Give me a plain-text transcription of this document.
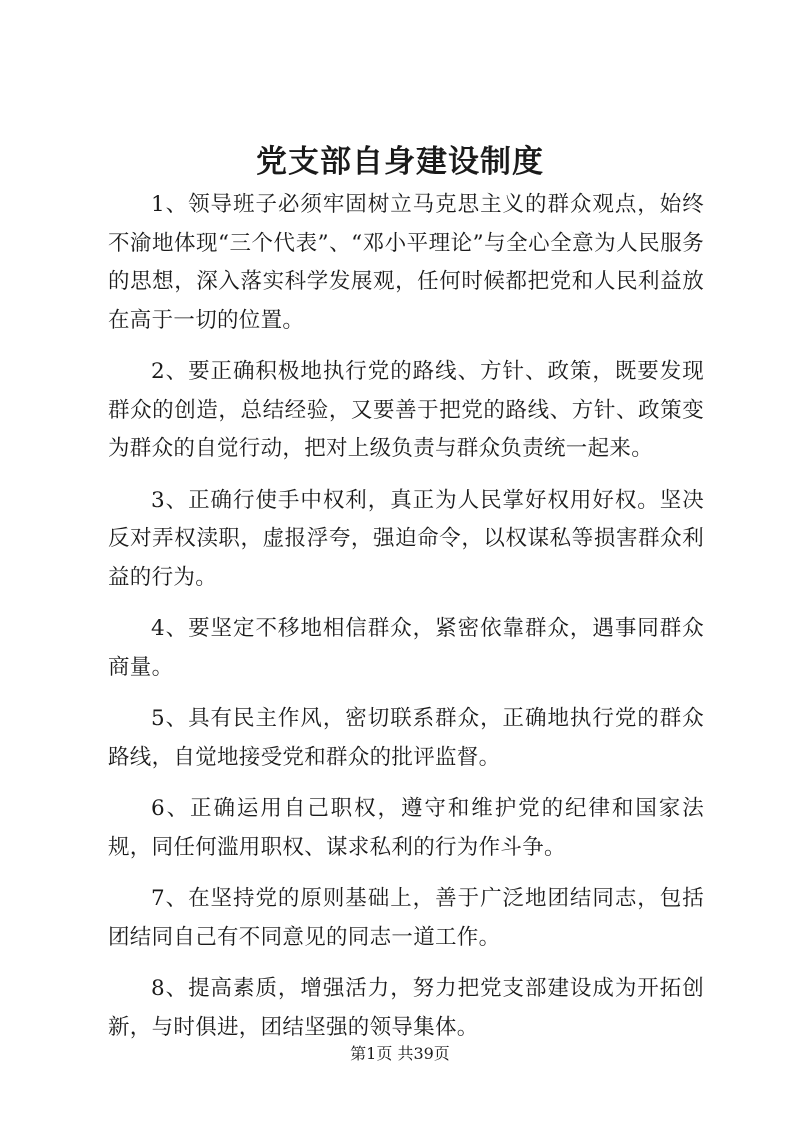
党支部自身建设制度

1、领导班子必须牢固树立马克思主义的群众观点，始终不渝地体现“三个代表”、“邓小平理论”与全心全意为人民服务的思想，深入落实科学发展观，任何时候都把党和人民利益放在高于一切的位置。

2、要正确积极地执行党的路线、方针、政策，既要发现群众的创造，总结经验，又要善于把党的路线、方针、政策变为群众的自觉行动，把对上级负责与群众负责统一起来。

3、正确行使手中权利，真正为人民掌好权用好权。坚决反对弄权渎职，虚报浮夸，强迫命令，以权谋私等损害群众利益的行为。

4、要坚定不移地相信群众，紧密依靠群众，遇事同群众商量。

5、具有民主作风，密切联系群众，正确地执行党的群众路线，自觉地接受党和群众的批评监督。

6、正确运用自己职权，遵守和维护党的纪律和国家法规，同任何滥用职权、谋求私利的行为作斗争。

7、在坚持党的原则基础上，善于广泛地团结同志，包括团结同自己有不同意见的同志一道工作。

8、提高素质，增强活力，努力把党支部建设成为开拓创新，与时俱进，团结坚强的领导集体。

第1页 共39页
